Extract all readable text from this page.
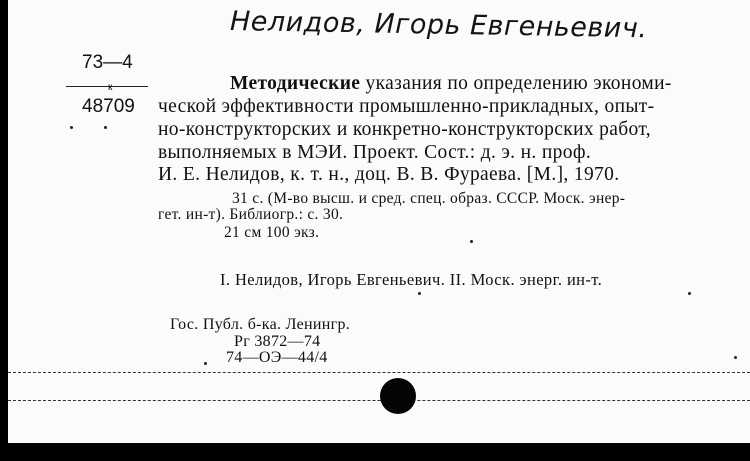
Нелидов, Игорь Евгеньевич.
73—4
к
48709
Методические указания по определению экономи-
ческой эффективности промышленно-прикладных, опыт-
но-конструкторских и конкретно-конструкторских работ,
выполняемых в МЭИ. Проект. Сост.: д. э. н. проф.
И. Е. Нелидов, к. т. н., доц. В. В. Фураева. [М.], 1970.
31 с. (М-во высш. и сред. спец. образ. СССР. Моск. энер-
гет. ин-т). Библиогр.: с. 30.
21 см 100 экз.
I. Нелидов, Игорь Евгеньевич. II. Моск. энерг. ин-т.
Гос. Публ. б-ка. Ленингр.
Рг 3872—74
74—ОЭ—44/4
